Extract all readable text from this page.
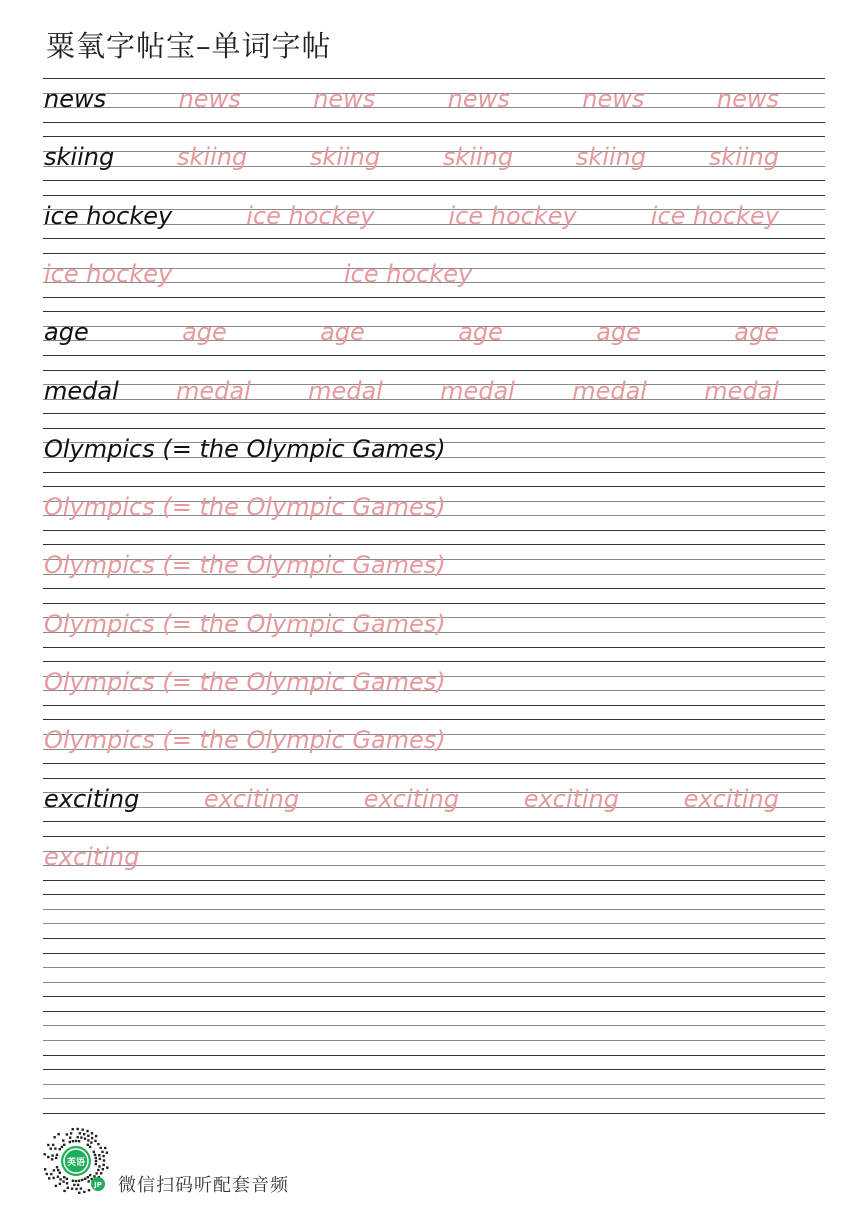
粟氧字帖宝–单词字帖
news	news	news	news	news	news
skiing	skiing	skiing	skiing	skiing	skiing
ice hockey	ice hockey	ice hockey	ice hockey
ice hockey	ice hockey
age	age	age	age	age	age
medal medal medal medal medal medal
Olympics (= the Olympic Games)
Olympics (= the Olympic Games)
Olympics (= the Olympic Games)
Olympics (= the Olympic Games)
Olympics (= the Olympic Games)
Olympics (= the Olympic Games)
exciting	exciting	exciting	exciting	exciting
exciting
英语
JP 微信扫码听配套音频
